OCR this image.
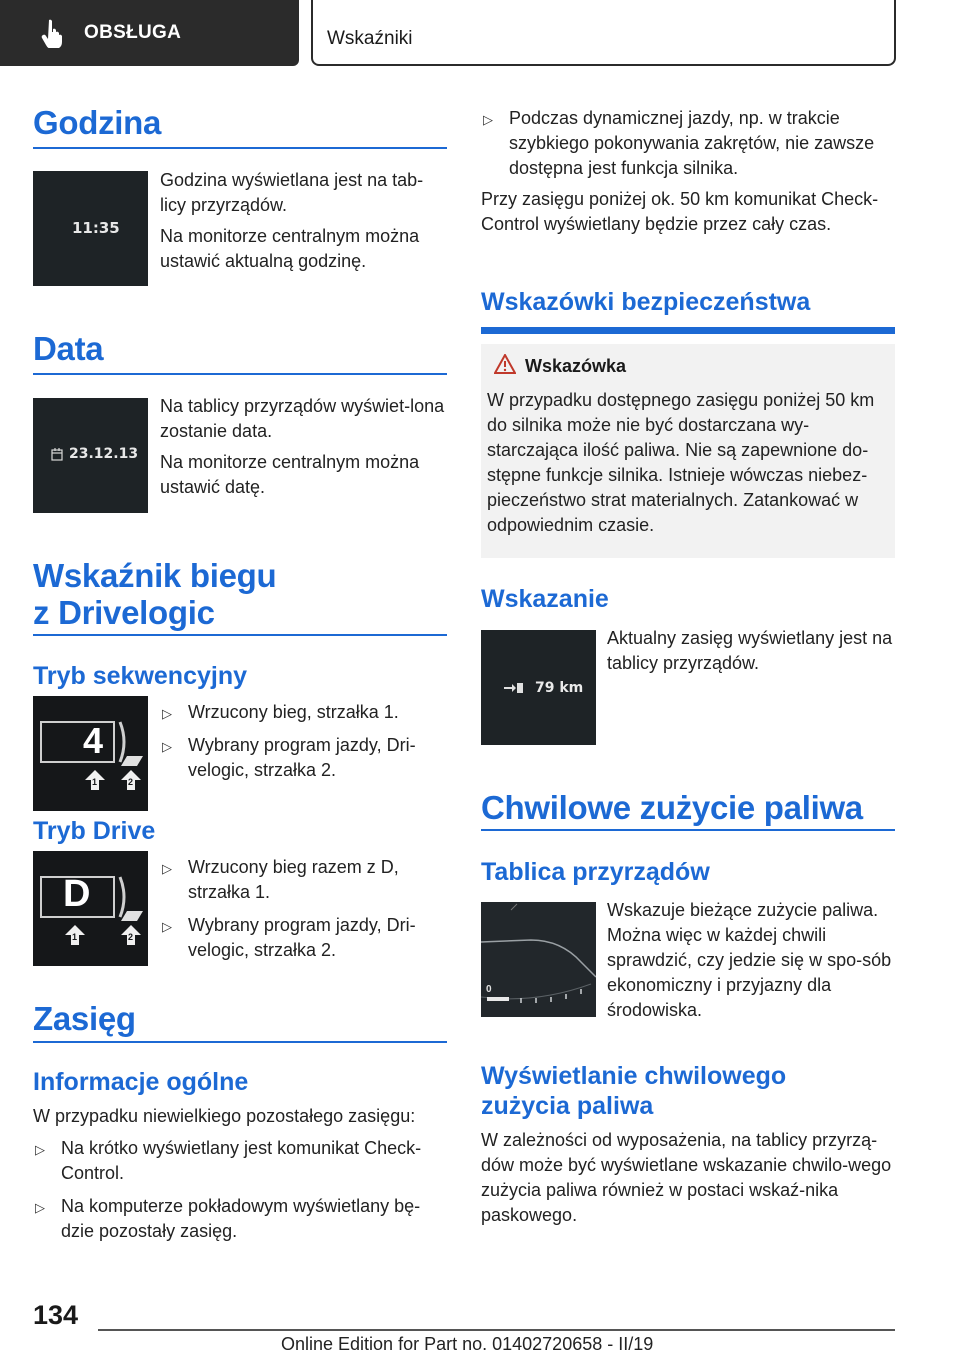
OBSŁUGA	Wskaźniki
Godzina
11:35

Godzina wyświetlana jest na tab-licy przyrządów.

Na monitorze centralnym można ustawić aktualną godzinę.

Data
23.12.13

Na tablicy przyrządów wyświet-lona zostanie data.

Na monitorze centralnym można ustawić datę.

Wskaźnik biegu
z Drivelogic
Tryb sekwencyjny
4
1	2
▷ Wrzucony bieg, strzałka 1.
▷ Wybrany program jazdy, Dri-velogic, strzałka 2.
Tryb Drive
D
1	2
▷ Wrzucony bieg razem z D, strzałka 1.
▷ Wybrany program jazdy, Dri-velogic, strzałka 2.
Zasięg
Informacje ogólne
W przypadku niewielkiego pozostałego zasięgu:
▷ Na krótko wyświetlany jest komunikat Check-Control.
▷ Na komputerze pokładowym wyświetlany bę-dzie pozostały zasięg.
▷ Podczas dynamicznej jazdy, np. w trakcie szybkiego pokonywania zakrętów, nie zawsze dostępna jest funkcja silnika.
Przy zasięgu poniżej ok. 50 km komunikat Check-Control wyświetlany będzie przez cały czas.
Wskazówki bezpieczeństwa
Wskazówka
W przypadku dostępnego zasięgu poniżej 50 km do silnika może nie być dostarczana wy-starczająca ilość paliwa. Nie są zapewnione do-stępne funkcje silnika. Istnieje wówczas niebez-pieczeństwo strat materialnych. Zatankować w odpowiednim czasie.
Wskazanie
79 km
Aktualny zasięg wyświetlany jest na tablicy przyrządów.
Chwilowe zużycie paliwa
Tablica przyrządów
0
Wskazuje bieżące zużycie paliwa. Można więc w każdej chwili sprawdzić, czy jedzie się w spo-sób ekonomiczny i przyjazny dla środowiska.
Wyświetlanie chwilowego
zużycia paliwa
W zależności od wyposażenia, na tablicy przyrzą-dów może być wyświetlane wskazanie chwilo-wego zużycia paliwa również w postaci wskaź-nika paskowego.
134
Online Edition for Part no. 01402720658 - II/19
